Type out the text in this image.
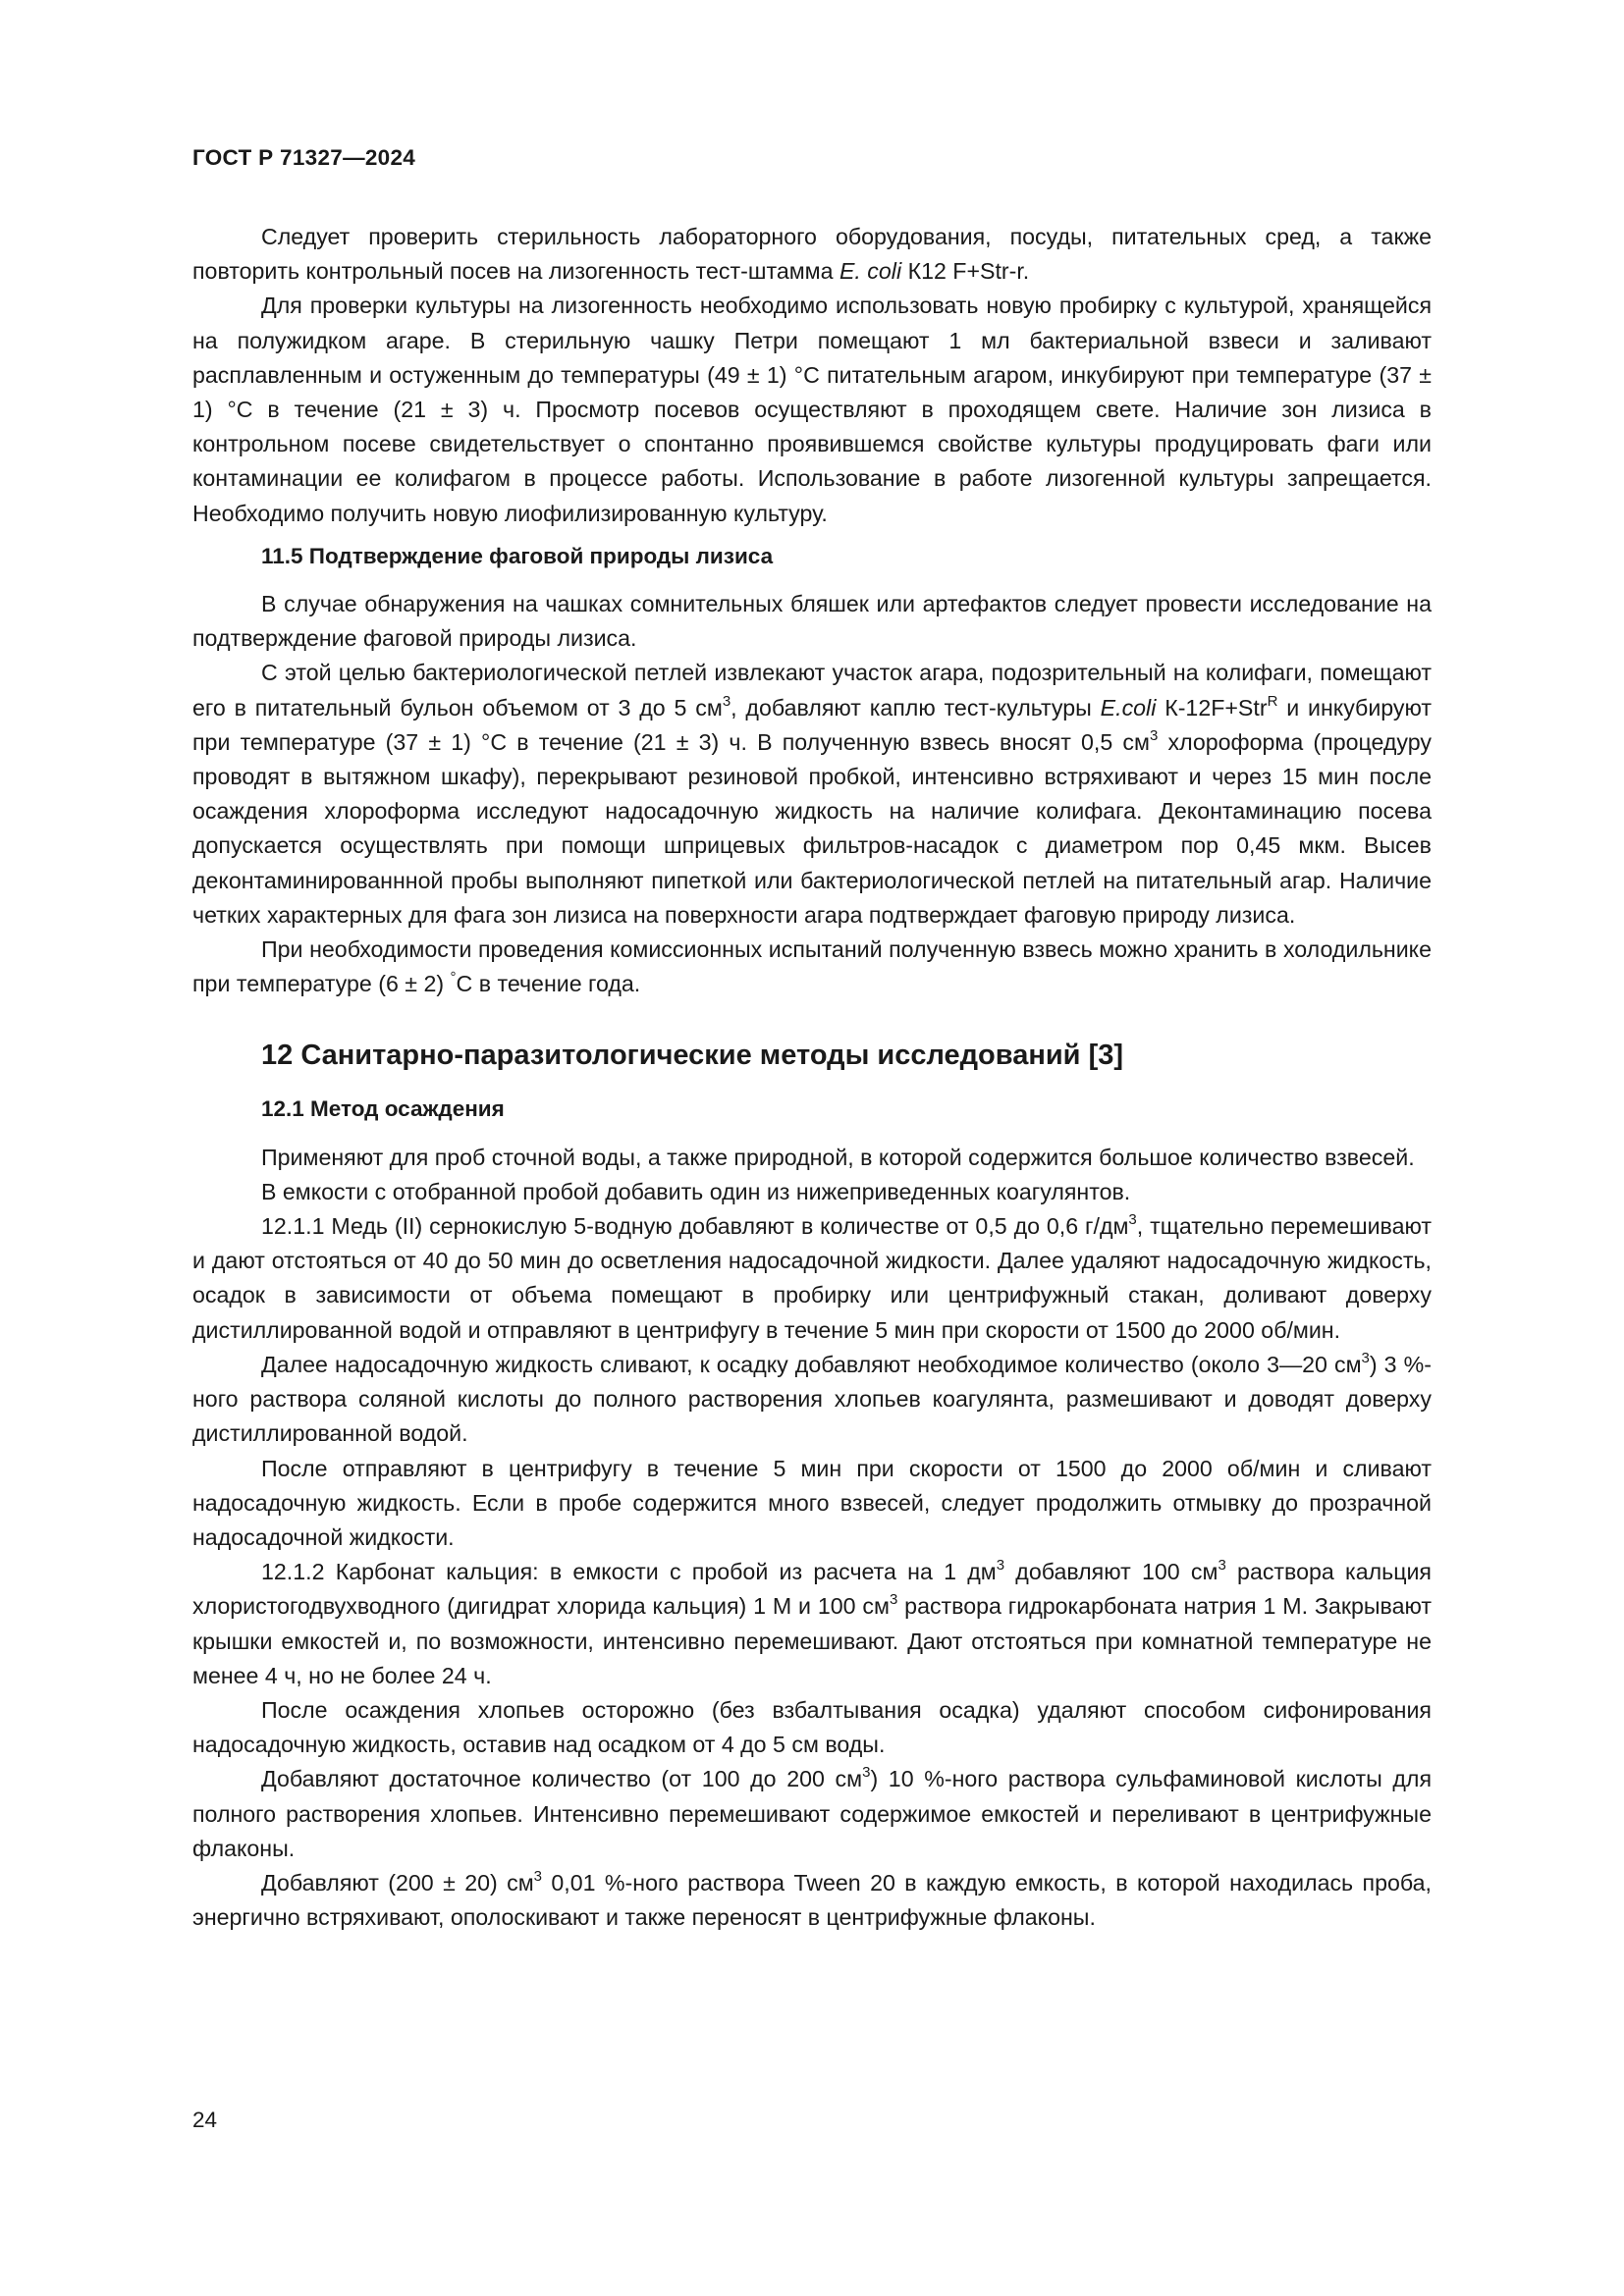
ГОСТ Р 71327—2024

Следует проверить стерильность лабораторного оборудования, посуды, питательных сред, а также повторить контрольный посев на лизогенность тест-штамма E. coli К12 F+Str-r.

Для проверки культуры на лизогенность необходимо использовать новую пробирку с культурой, хранящейся на полужидком агаре. В стерильную чашку Петри помещают 1 мл бактериальной взвеси и заливают расплавленным и остуженным до температуры (49 ± 1) °С питательным агаром, инкубируют при температуре (37 ± 1) °С в течение (21 ± 3) ч. Просмотр посевов осуществляют в проходящем свете. Наличие зон лизиса в контрольном посеве свидетельствует о спонтанно проявившемся свойстве культуры продуцировать фаги или контаминации ее колифагом в процессе работы. Использование в работе лизогенной культуры запрещается. Необходимо получить новую лиофилизированную культуру.

11.5 Подтверждение фаговой природы лизиса

В случае обнаружения на чашках сомнительных бляшек или артефактов следует провести исследование на подтверждение фаговой природы лизиса.

С этой целью бактериологической петлей извлекают участок агара, подозрительный на колифаги, помещают его в питательный бульон объемом от 3 до 5 $см^3$, добавляют каплю тест-культуры E.coli К-12F+Str$^R$ и инкубируют при температуре (37 ± 1) °С в течение (21 ± 3) ч. В полученную взвесь вносят 0,5 $см^3$ хлороформа (процедуру проводят в вытяжном шкафу), перекрывают резиновой пробкой, интенсивно встряхивают и через 15 мин после осаждения хлороформа исследуют надосадочную жидкость на наличие колифага. Деконтаминацию посева допускается осуществлять при помощи шприцевых фильтров-насадок с диаметром пор 0,45 мкм. Высев деконтаминированнной пробы выполняют пипеткой или бактериологической петлей на питательный агар. Наличие четких характерных для фага зон лизиса на поверхности агара подтверждает фаговую природу лизиса.

При необходимости проведения комиссионных испытаний полученную взвесь можно хранить в холодильнике при температуре (6 ± 2) °С в течение года.

12 Санитарно-паразитологические методы исследований [3]
12.1 Метод осаждения

Применяют для проб сточной воды, а также природной, в которой содержится большое количество взвесей.

В емкости с отобранной пробой добавить один из нижеприведенных коагулянтов.

12.1.1 Медь (II) сернокислую 5-водную добавляют в количестве от 0,5 до 0,6 $г/дм^3$, тщательно перемешивают и дают отстояться от 40 до 50 мин до осветления надосадочной жидкости. Далее удаляют надосадочную жидкость, осадок в зависимости от объема помещают в пробирку или центрифужный стакан, доливают доверху дистиллированной водой и отправляют в центрифугу в течение 5 мин при скорости от 1500 до 2000 об/мин.

Далее надосадочную жидкость сливают, к осадку добавляют необходимое количество (около 3—20 $см^3$) 3 %-ного раствора соляной кислоты до полного растворения хлопьев коагулянта, размешивают и доводят доверху дистиллированной водой.

После отправляют в центрифугу в течение 5 мин при скорости от 1500 до 2000 об/мин и сливают надосадочную жидкость. Если в пробе содержится много взвесей, следует продолжить отмывку до прозрачной надосадочной жидкости.

12.1.2 Карбонат кальция: в емкости с пробой из расчета на 1 $дм^3$ добавляют 100 $см^3$ раствора кальция хлористогодвухводного (дигидрат хлорида кальция) 1 М и 100 $см^3$ раствора гидрокарбоната натрия 1 М. Закрывают крышки емкостей и, по возможности, интенсивно перемешивают. Дают отстояться при комнатной температуре не менее 4 ч, но не более 24 ч.

После осаждения хлопьев осторожно (без взбалтывания осадка) удаляют способом сифонирования надосадочную жидкость, оставив над осадком от 4 до 5 см воды.

Добавляют достаточное количество (от 100 до 200 $см^3$) 10 %-ного раствора сульфаминовой кислоты для полного растворения хлопьев. Интенсивно перемешивают содержимое емкостей и переливают в центрифужные флаконы.

Добавляют (200 ± 20) $см^3$ 0,01 %-ного раствора Tween 20 в каждую емкость, в которой находилась проба, энергично встряхивают, ополоскивают и также переносят в центрифужные флаконы.

24
